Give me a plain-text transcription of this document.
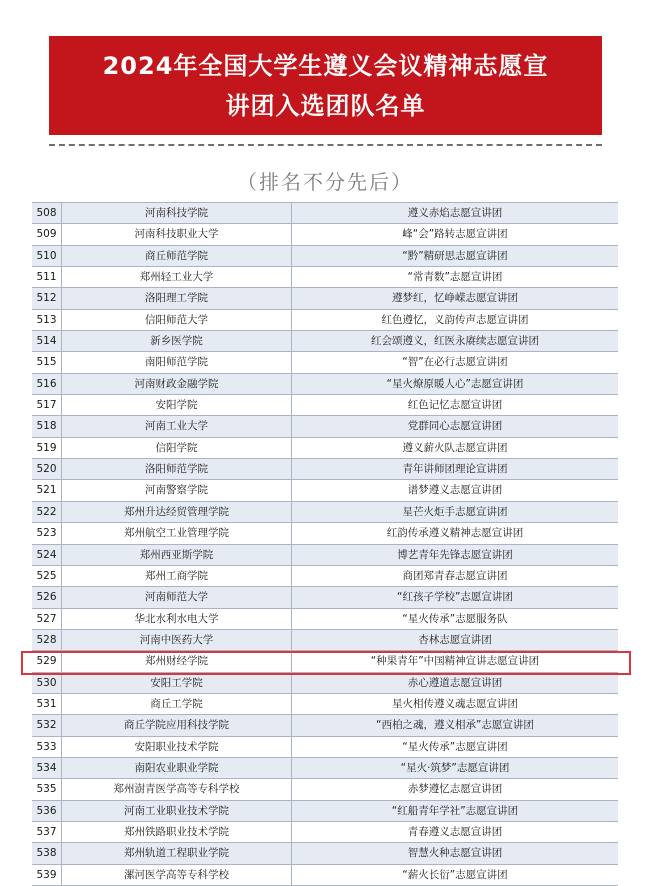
2024年全国大学生遵义会议精神志愿宣
讲团入选团队名单
（排名不分先后）
508	河南科技学院	遵义赤焰志愿宣讲团
509	河南科技职业大学	峰“会”路转志愿宣讲团
510	商丘师范学院	“黔”精研思志愿宣讲团
511	郑州轻工业大学	“常青数”志愿宣讲团
512	洛阳理工学院	遵梦红，忆峥嵘志愿宣讲团
513	信阳师范大学	红色遵忆，义韵传声志愿宣讲团
514	新乡医学院	红会颂遵义，红医永赓续志愿宣讲团
515	南阳师范学院	“智”在必行志愿宣讲团
516	河南财政金融学院	“星火燎原暖人心”志愿宣讲团
517	安阳学院	红色记忆志愿宣讲团
518	河南工业大学	党群同心志愿宣讲团
519	信阳学院	遵义薪火队志愿宣讲团
520	洛阳师范学院	青年讲师团理论宣讲团
521	河南警察学院	谱梦遵义志愿宣讲团
522	郑州升达经贸管理学院	星芒火炬手志愿宣讲团
523	郑州航空工业管理学院	红韵传承遵义精神志愿宣讲团
524	郑州西亚斯学院	博艺青年先锋志愿宣讲团
525	郑州工商学院	商团郑青春志愿宣讲团
526	河南师范大学	“红孩子学校”志愿宣讲团
527	华北水利水电大学	“星火传承”志愿服务队
528	河南中医药大学	杏林志愿宣讲团
529	郑州财经学院	“种果青年”中国精神宣讲志愿宣讲团
530	安阳工学院	赤心遵道志愿宣讲团
531	商丘工学院	星火相传遵义魂志愿宣讲团
532	商丘学院应用科技学院	“西柏之魂，遵义相承”志愿宣讲团
533	安阳职业技术学院	“星火传承”志愿宣讲团
534	南阳农业职业学院	“星火·筑梦”志愿宣讲团
535	郑州澍青医学高等专科学校	赤梦遵忆志愿宣讲团
536	河南工业职业技术学院	“红船青年学社”志愿宣讲团
537	郑州铁路职业技术学院	青春遵义志愿宣讲团
538	郑州轨道工程职业学院	智慧火种志愿宣讲团
539	漯河医学高等专科学校	“薪火长衍”志愿宣讲团
